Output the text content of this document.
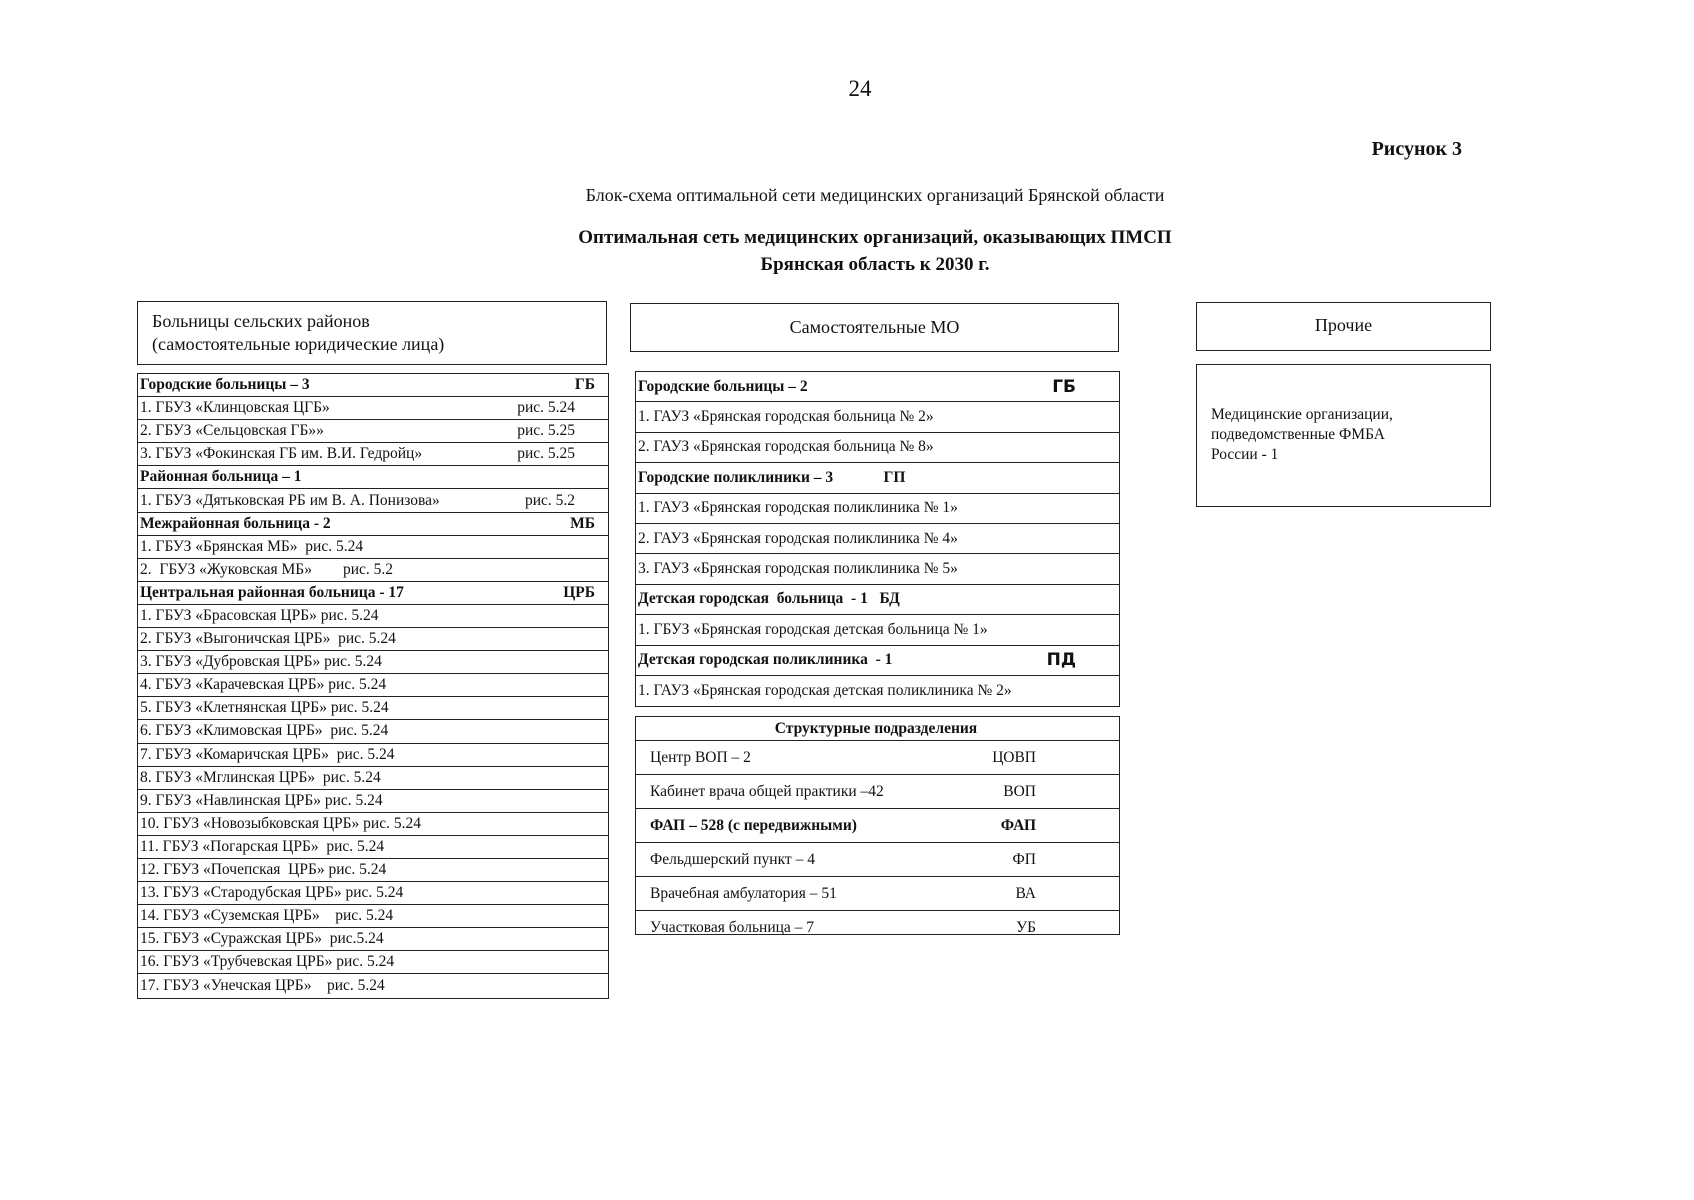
24
Рисунок 3
Блок-схема оптимальной сети медицинских организаций Брянской области
Оптимальная сеть медицинских организаций, оказывающих ПМСП
Брянская область к 2030 г.
Больницы сельских районов
(самостоятельные юридические лица)
Самостоятельные МО	Прочие
Городские больницы – 3	ГБ
1. ГБУЗ «Клинцовская ЦГБ»	рис. 5.24
2. ГБУЗ «Сельцовская ГБ»»	рис. 5.25
3. ГБУЗ «Фокинская ГБ им. В.И. Гедройц»	рис. 5.25
Районная больница – 1
1. ГБУЗ «Дятьковская РБ им В. А. Понизова»	рис. 5.2
Межрайонная больница - 2	МБ
1. ГБУЗ «Брянская МБ»  рис. 5.24
2.  ГБУЗ «Жуковская МБ»        рис. 5.2
Центральная районная больница - 17	ЦРБ
1. ГБУЗ «Брасовская ЦРБ» рис. 5.24
2. ГБУЗ «Выгоничская ЦРБ»  рис. 5.24
3. ГБУЗ «Дубровская ЦРБ» рис. 5.24
4. ГБУЗ «Карачевская ЦРБ» рис. 5.24
5. ГБУЗ «Клетнянская ЦРБ» рис. 5.24
6. ГБУЗ «Климовская ЦРБ»  рис. 5.24
7. ГБУЗ «Комаричская ЦРБ»  рис. 5.24
8. ГБУЗ «Мглинская ЦРБ»  рис. 5.24
9. ГБУЗ «Навлинская ЦРБ» рис. 5.24
10. ГБУЗ «Новозыбковская ЦРБ» рис. 5.24
11. ГБУЗ «Погарская ЦРБ»  рис. 5.24
12. ГБУЗ «Почепская  ЦРБ» рис. 5.24
13. ГБУЗ «Стародубская ЦРБ» рис. 5.24
14. ГБУЗ «Суземская ЦРБ»    рис. 5.24
15. ГБУЗ «Суражская ЦРБ»  рис.5.24
16. ГБУЗ «Трубчевская ЦРБ» рис. 5.24
17. ГБУЗ «Унечская ЦРБ»    рис. 5.24
Городские больницы – 2	ГБ
1. ГАУЗ «Брянская городская больница № 2»
2. ГАУЗ «Брянская городская больница № 8»
Городские поликлиники – 3             ГП
1. ГАУЗ «Брянская городская поликлиника № 1»
2. ГАУЗ «Брянская городская поликлиника № 4»
3. ГАУЗ «Брянская городская поликлиника № 5»
Детская городская  больница  - 1   БД
1. ГБУЗ «Брянская городская детская больница № 1»
Детская городская поликлиника  - 1	ПД
1. ГАУЗ «Брянская городская детская поликлиника № 2»
Структурные подразделения
Центр ВОП – 2	ЦОВП
Кабинет врача общей практики –42	ВОП
ФАП – 528 (с передвижными)	ФАП
Фельдшерский пункт – 4	ФП
Врачебная амбулатория – 51	ВА
Участковая больница – 7	УБ
Медицинские организации,
подведомственные ФМБА
России - 1
